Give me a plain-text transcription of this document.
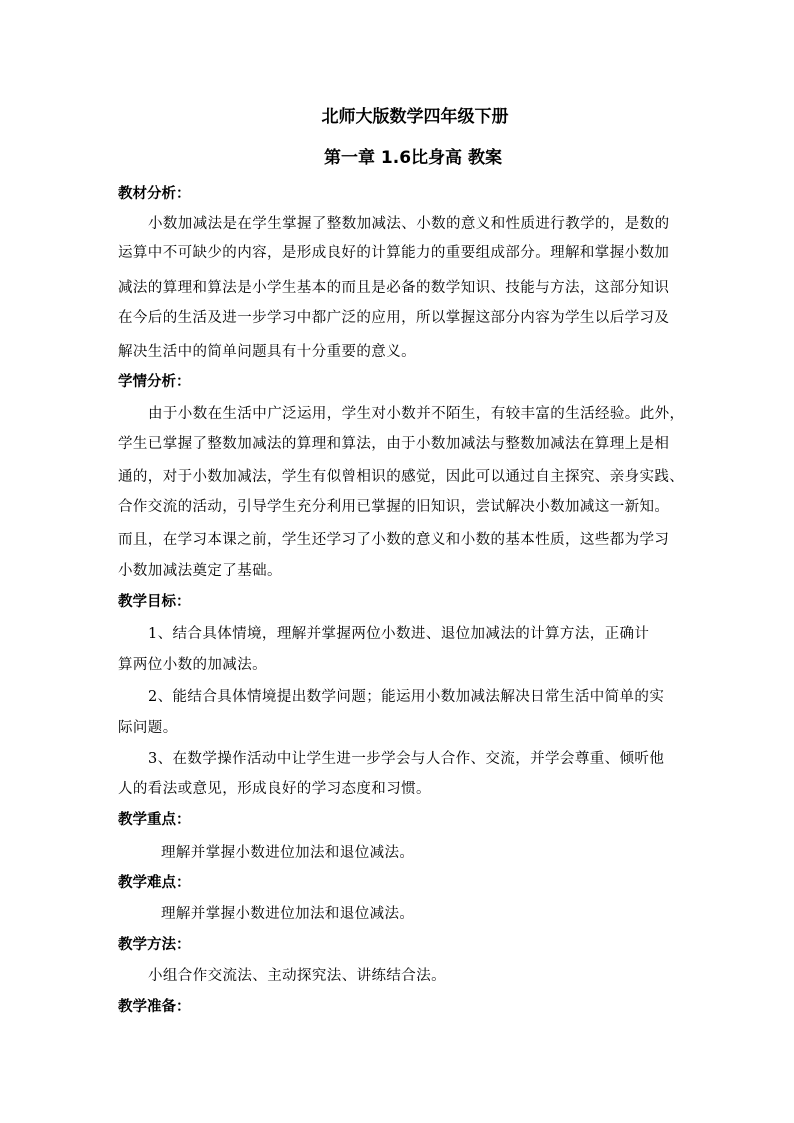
北师大版数学四年级下册
第一章 1.6比身高 教案
教材分析：
小数加减法是在学生掌握了整数加减法、小数的意义和性质进行教学的，是数的
运算中不可缺少的内容，是形成良好的计算能力的重要组成部分。理解和掌握小数加
减法的算理和算法是小学生基本的而且是必备的数学知识、技能与方法，这部分知识
在今后的生活及进一步学习中都广泛的应用，所以掌握这部分内容为学生以后学习及
解决生活中的简单问题具有十分重要的意义。
学情分析：
由于小数在生活中广泛运用，学生对小数并不陌生，有较丰富的生活经验。此外，
学生已掌握了整数加减法的算理和算法，由于小数加减法与整数加减法在算理上是相
通的，对于小数加减法，学生有似曾相识的感觉，因此可以通过自主探究、亲身实践、
合作交流的活动，引导学生充分利用已掌握的旧知识，尝试解决小数加减这一新知。
而且，在学习本课之前，学生还学习了小数的意义和小数的基本性质，这些都为学习
小数加减法奠定了基础。
教学目标：
1、结合具体情境，理解并掌握两位小数进、退位加减法的计算方法，正确计
算两位小数的加减法。
2、能结合具体情境提出数学问题；能运用小数加减法解决日常生活中简单的实
际问题。
3、在数学操作活动中让学生进一步学会与人合作、交流，并学会尊重、倾听他
人的看法或意见，形成良好的学习态度和习惯。
教学重点：
理解并掌握小数进位加法和退位减法。
教学难点：
理解并掌握小数进位加法和退位减法。
教学方法：
小组合作交流法、主动探究法、讲练结合法。
教学准备：
